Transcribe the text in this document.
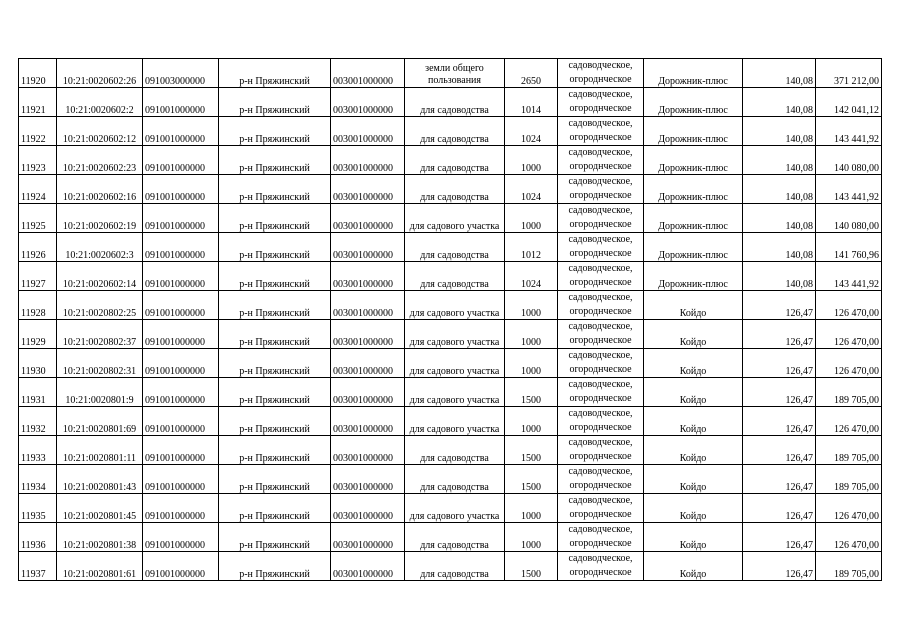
11920	10:21:0020602:26	091003000000	р-н Пряжинский	003001000000	земли общего пользования	2650	садоводческое,
огороднческое	Дорожник-плюс	140,08	371 212,00
11921	10:21:0020602:2	091001000000	р-н Пряжинский	003001000000	для садоводства	1014	садоводческое,
огороднческое	Дорожник-плюс	140,08	142 041,12
11922	10:21:0020602:12	091001000000	р-н Пряжинский	003001000000	для садоводства	1024	садоводческое,
огороднческое	Дорожник-плюс	140,08	143 441,92
11923	10:21:0020602:23	091001000000	р-н Пряжинский	003001000000	для садоводства	1000	садоводческое,
огороднческое	Дорожник-плюс	140,08	140 080,00
11924	10:21:0020602:16	091001000000	р-н Пряжинский	003001000000	для садоводства	1024	садоводческое,
огороднческое	Дорожник-плюс	140,08	143 441,92
11925	10:21:0020602:19	091001000000	р-н Пряжинский	003001000000	для садового участка	1000	садоводческое,
огороднческое	Дорожник-плюс	140,08	140 080,00
11926	10:21:0020602:3	091001000000	р-н Пряжинский	003001000000	для садоводства	1012	садоводческое,
огороднческое	Дорожник-плюс	140,08	141 760,96
11927	10:21:0020602:14	091001000000	р-н Пряжинский	003001000000	для садоводства	1024	садоводческое,
огороднческое	Дорожник-плюс	140,08	143 441,92
11928	10:21:0020802:25	091001000000	р-н Пряжинский	003001000000	для садового участка	1000	садоводческое,
огороднческое	Койдо	126,47	126 470,00
11929	10:21:0020802:37	091001000000	р-н Пряжинский	003001000000	для садового участка	1000	садоводческое,
огороднческое	Койдо	126,47	126 470,00
11930	10:21:0020802:31	091001000000	р-н Пряжинский	003001000000	для садового участка	1000	садоводческое,
огороднческое	Койдо	126,47	126 470,00
11931	10:21:0020801:9	091001000000	р-н Пряжинский	003001000000	для садового участка	1500	садоводческое,
огороднческое	Койдо	126,47	189 705,00
11932	10:21:0020801:69	091001000000	р-н Пряжинский	003001000000	для садового участка	1000	садоводческое,
огороднческое	Койдо	126,47	126 470,00
11933	10:21:0020801:11	091001000000	р-н Пряжинский	003001000000	для садоводства	1500	садоводческое,
огороднческое	Койдо	126,47	189 705,00
11934	10:21:0020801:43	091001000000	р-н Пряжинский	003001000000	для садоводства	1500	садоводческое,
огороднческое	Койдо	126,47	189 705,00
11935	10:21:0020801:45	091001000000	р-н Пряжинский	003001000000	для садового участка	1000	садоводческое,
огороднческое	Койдо	126,47	126 470,00
11936	10:21:0020801:38	091001000000	р-н Пряжинский	003001000000	для садоводства	1000	садоводческое,
огороднческое	Койдо	126,47	126 470,00
11937	10:21:0020801:61	091001000000	р-н Пряжинский	003001000000	для садоводства	1500	садоводческое,
огороднческое	Койдо	126,47	189 705,00
